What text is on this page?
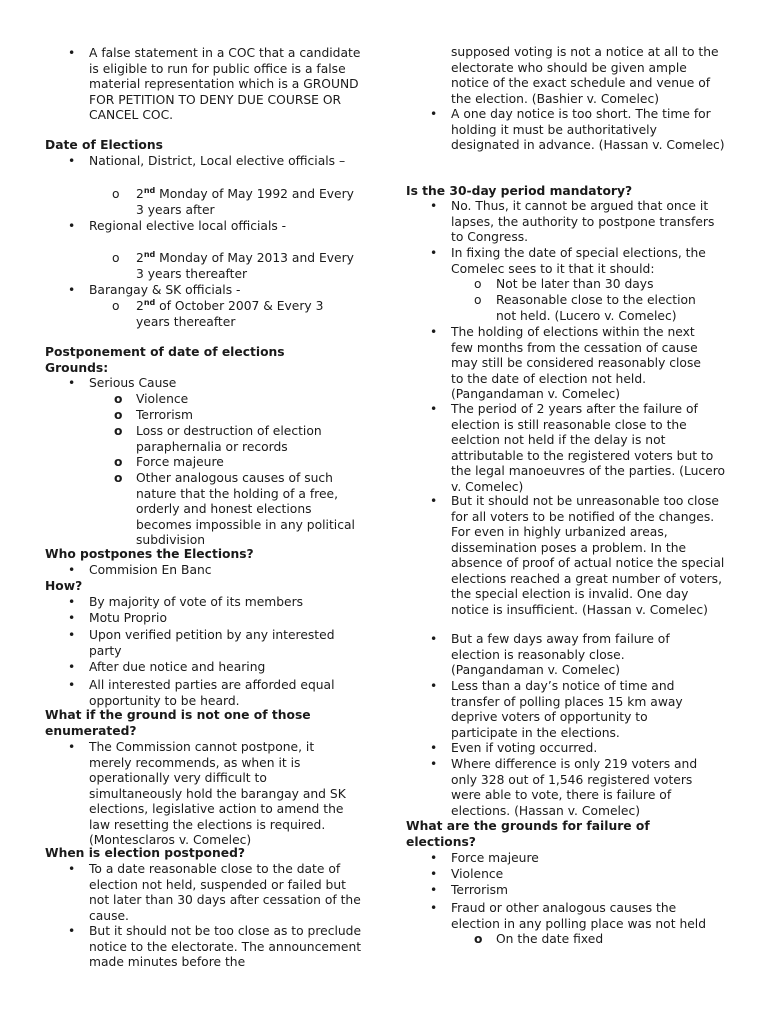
• A false statement in a COC that a candidate is eligible to run for public office is a false material representation which is a GROUND FOR PETITION TO DENY DUE COURSE OR CANCEL COC.
Date of Elections
• National, District, Local elective officials –
o 2nd Monday of May 1992 and Every 3 years after
• Regional elective local officials -
o 2nd Monday of May 2013 and Every 3 years thereafter
• Barangay & SK officials -
o 2nd of October 2007 & Every 3 years thereafter
Postponement of date of elections
Grounds:
• Serious Cause
o Violence
o Terrorism
o Loss or destruction of election paraphernalia or records
o Force majeure
o Other analogous causes of such nature that the holding of a free, orderly and honest elections becomes impossible in any political subdivision
Who postpones the Elections?
• Commision En Banc
How?
• By majority of vote of its members
• Motu Proprio
• Upon verified petition by any interested party
• After due notice and hearing
• All interested parties are afforded equal opportunity to be heard.
What if the ground is not one of those enumerated?
• The Commission cannot postpone, it merely recommends, as when it is operationally very difficult to simultaneously hold the barangay and SK elections, legislative action to amend the law resetting the elections is required. (Montesclaros v. Comelec)
When is election postponed?
• To a date reasonable close to the date of election not held, suspended or failed but not later than 30 days after cessation of the cause.
• But it should not be too close as to preclude notice to the electorate. The announcement made minutes before the
supposed voting is not a notice at all to the electorate who should be given ample notice of the exact schedule and venue of the election. (Bashier v. Comelec)
• A one day notice is too short. The time for holding it must be authoritatively designated in advance. (Hassan v. Comelec)
Is the 30-day period mandatory?
• No. Thus, it cannot be argued that once it lapses, the authority to postpone transfers to Congress.
• In fixing the date of special elections, the Comelec sees to it that it should:
o Not be later than 30 days
o Reasonable close to the election not held. (Lucero v. Comelec)
• The holding of elections within the next few months from the cessation of cause may still be considered reasonably close to the date of election not held. (Pangandaman v. Comelec)
• The period of 2 years after the failure of election is still reasonable close to the eelction not held if the delay is not attributable to the registered voters but to the legal manoeuvres of the parties. (Lucero v. Comelec)
• But it should not be unreasonable too close for all voters to be notified of the changes. For even in highly urbanized areas, dissemination poses a problem. In the absence of proof of actual notice the special elections reached a great number of voters, the special election is invalid. One day notice is insufficient. (Hassan v. Comelec)
• But a few days away from failure of election is reasonably close. (Pangandaman v. Comelec)
• Less than a day’s notice of time and transfer of polling places 15 km away deprive voters of opportunity to participate in the elections.
• Even if voting occurred.
• Where difference is only 219 voters and only 328 out of 1,546 registered voters were able to vote, there is failure of elections. (Hassan v. Comelec)
What are the grounds for failure of elections?
• Force majeure
• Violence
• Terrorism
• Fraud or other analogous causes the election in any polling place was not held
o On the date fixed
